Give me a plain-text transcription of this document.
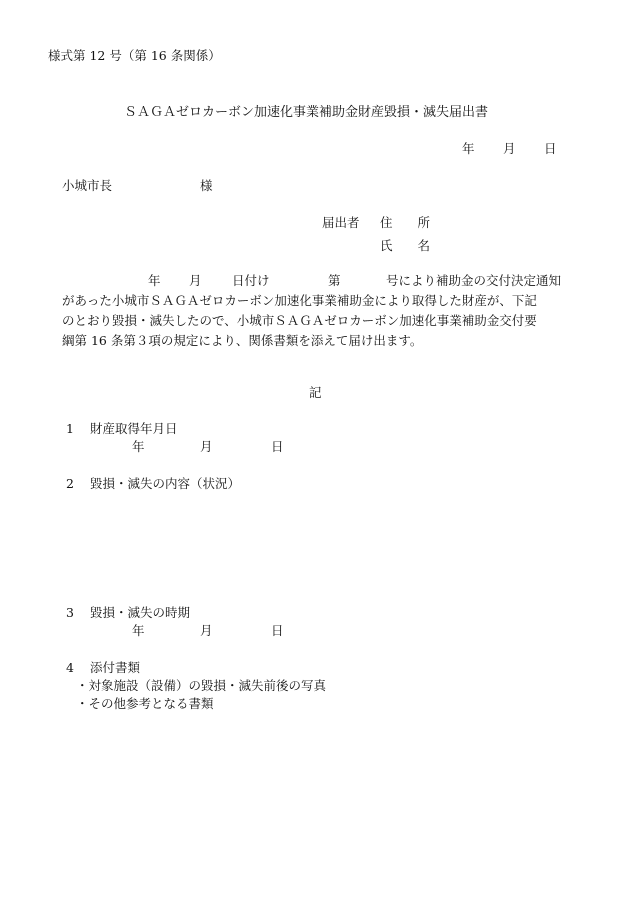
様式第 12 号（第 16 条関係）
ＳＡＧＡゼロカーボン加速化事業補助金財産毀損・滅失届出書
年 月 日
小城市長	様
届出者 住　　所
氏　　名
年 月 日付け	第	号により補助金の交付決定通知
があった小城市ＳＡＧＡゼロカーボン加速化事業補助金により取得した財産が、下記
のとおり毀損・滅失したので、小城市ＳＡＧＡゼロカーボン加速化事業補助金交付要
綱第 16 条第３項の規定により、関係書類を添えて届け出ます。
記
1 財産取得年月日
年	月	日
2 毀損・滅失の内容（状況）
3 毀損・滅失の時期
年	月	日
4 添付書類
・対象施設（設備）の毀損・滅失前後の写真
・その他参考となる書類
